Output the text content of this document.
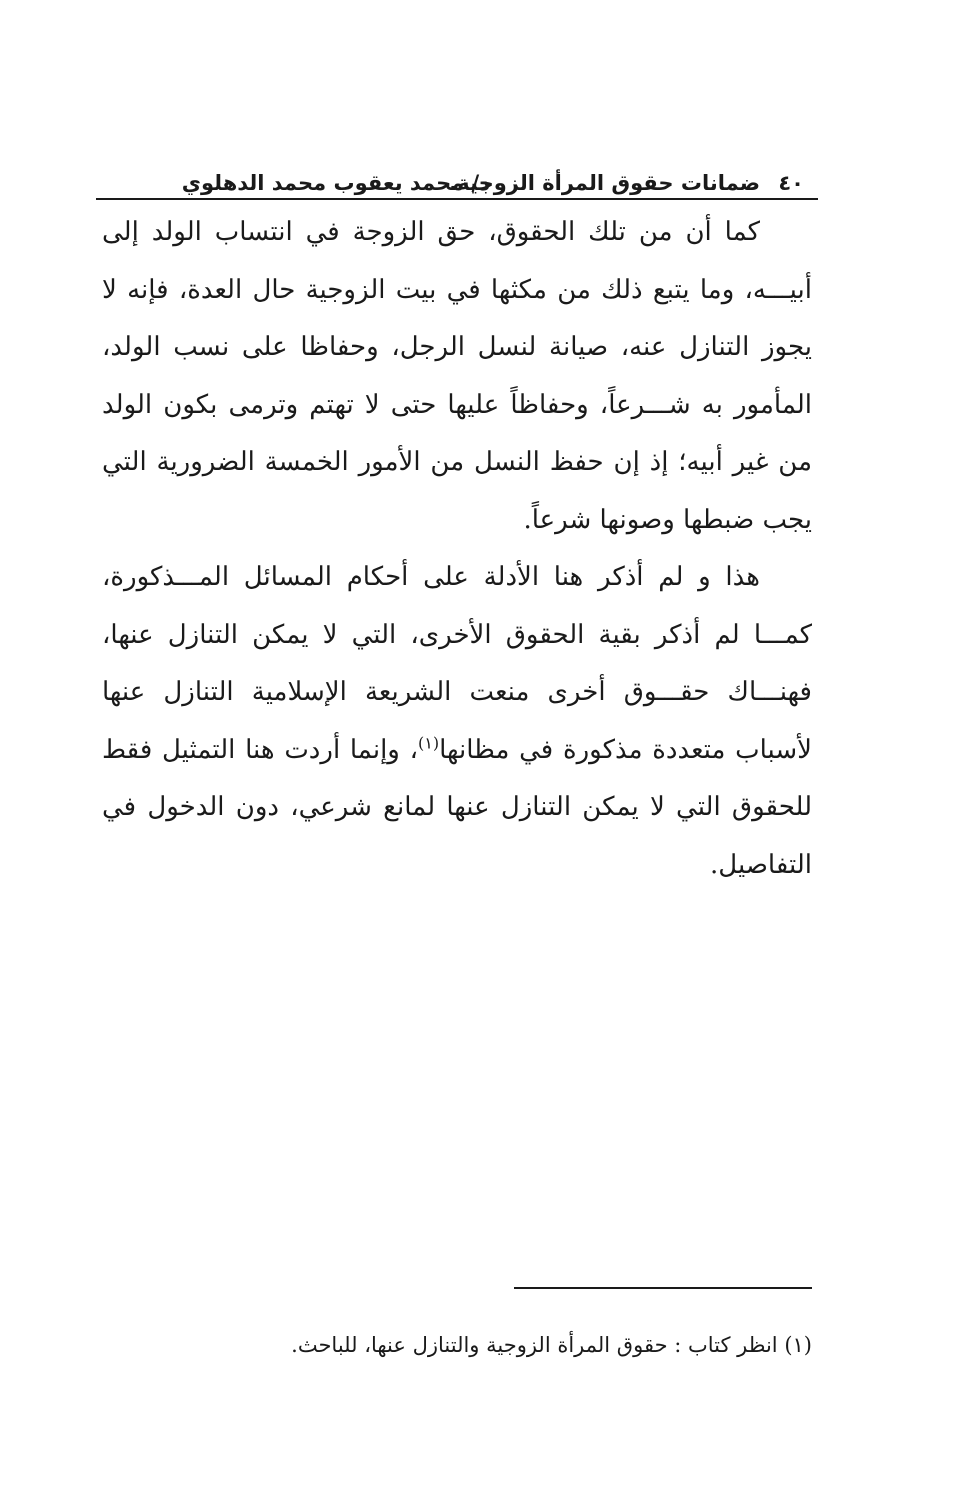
٤٠
ضمانات حقوق المرأة الزوجية.
د/ محمد يعقوب محمد الدهلوي

كما أن من تلك الحقوق، حق الزوجة في انتساب الولد إلى أبيـــه، وما يتبع ذلك من مكثها في بيت الزوجية حال العدة، فإنه لا يجوز التنازل عنه، صيانة لنسل الرجل، وحفاظا على نسب الولد، المأمور به شـــرعاً، وحفاظاً عليها حتى لا تهتم وترمى بكون الولد من غير أبيه؛ إذ إن حفظ النسل من الأمور الخمسة الضرورية التي يجب ضبطها وصونها شرعاً.

هذا و لم أذكر هنا الأدلة على أحكام المسائل المـــذكورة، كمـــا لم أذكر بقية الحقوق الأخرى، التي لا يمكن التنازل عنها، فهنـــاك حقـــوق أخرى منعت الشريعة الإسلامية التنازل عنها لأسباب متعددة مذكورة في مظانها$^{(١)}$، وإنما أردت هنا التمثيل فقط للحقوق التي لا يمكن التنازل عنها لمانع شرعي، دون الدخول في التفاصيل.

(١) انظر كتاب : حقوق المرأة الزوجية والتنازل عنها، للباحث.
